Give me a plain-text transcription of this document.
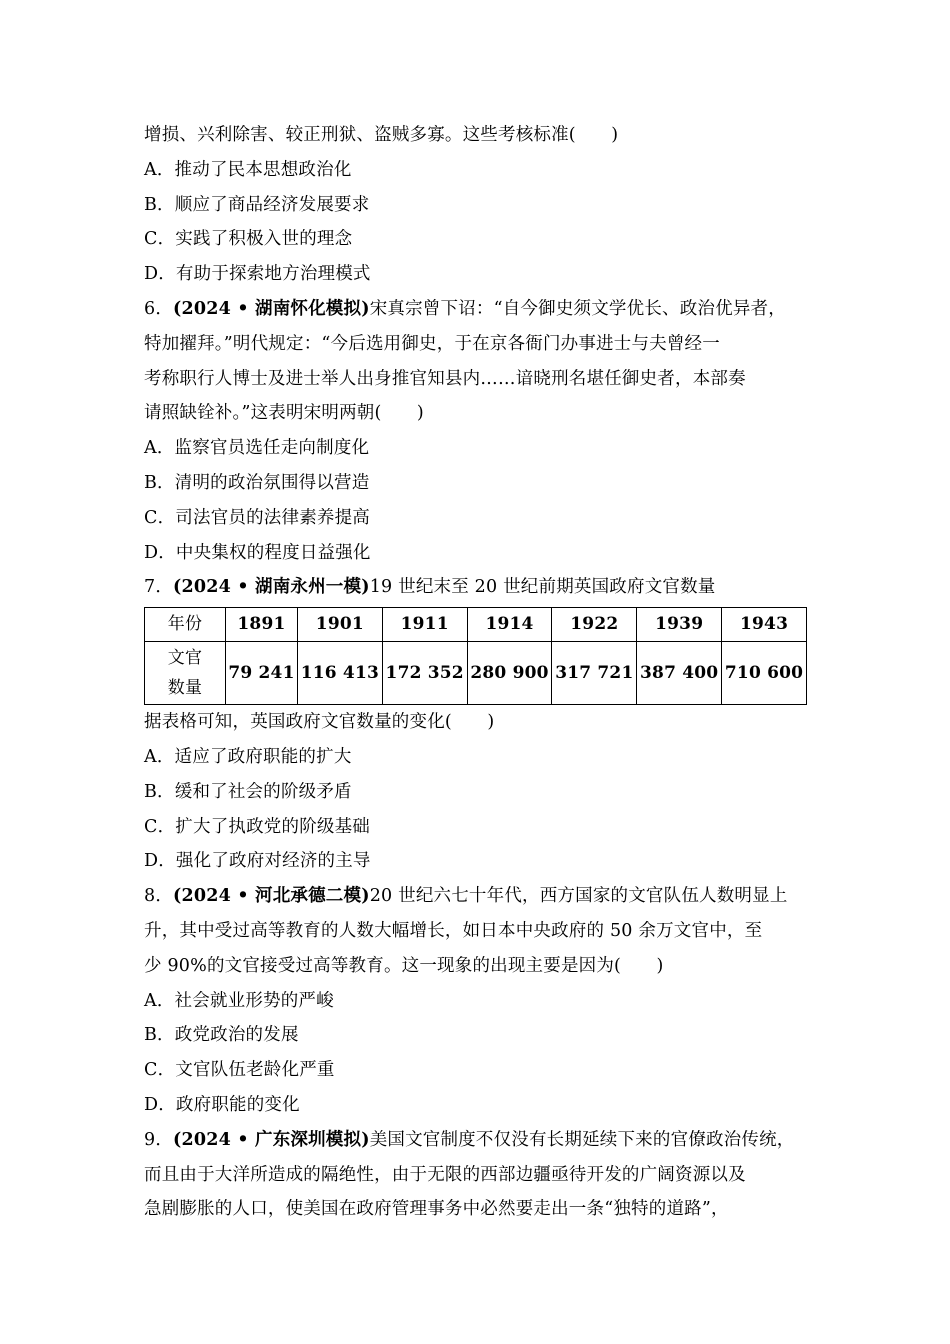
增损、兴利除害、较正刑狱、盗贼多寡。这些考核标准(　　)
A．推动了民本思想政治化
B．顺应了商品经济发展要求
C．实践了积极入世的理念
D．有助于探索地方治理模式
6．(2024 • 湖南怀化模拟)宋真宗曾下诏：“自今御史须文学优长、政治优异者，
特加擢拜。”明代规定：“今后选用御史，于在京各衙门办事进士与夫曾经一
考称职行人博士及进士举人出身推官知县内……谙晓刑名堪任御史者，本部奏
请照缺铨补。”这表明宋明两朝(　　)
A．监察官员选任走向制度化
B．清明的政治氛围得以营造
C．司法官员的法律素养提高
D．中央集权的程度日益强化
7．(2024 • 湖南永州一模)19 世纪末至 20 世纪前期英国政府文官数量
年份	1891	1901	1911	1914	1922	1939	1943

文官
数量	79 241	116 413	172 352	280 900	317 721	387 400	710 600
据表格可知，英国政府文官数量的变化(　　)
A．适应了政府职能的扩大
B．缓和了社会的阶级矛盾
C．扩大了执政党的阶级基础
D．强化了政府对经济的主导
8．(2024 • 河北承德二模)20 世纪六七十年代，西方国家的文官队伍人数明显上
升，其中受过高等教育的人数大幅增长，如日本中央政府的 50 余万文官中，至
少 90%的文官接受过高等教育。这一现象的出现主要是因为(　　)
A．社会就业形势的严峻
B．政党政治的发展
C．文官队伍老龄化严重
D．政府职能的变化
9．(2024 • 广东深圳模拟)美国文官制度不仅没有长期延续下来的官僚政治传统，
而且由于大洋所造成的隔绝性，由于无限的西部边疆亟待开发的广阔资源以及
急剧膨胀的人口，使美国在政府管理事务中必然要走出一条“独特的道路”，
